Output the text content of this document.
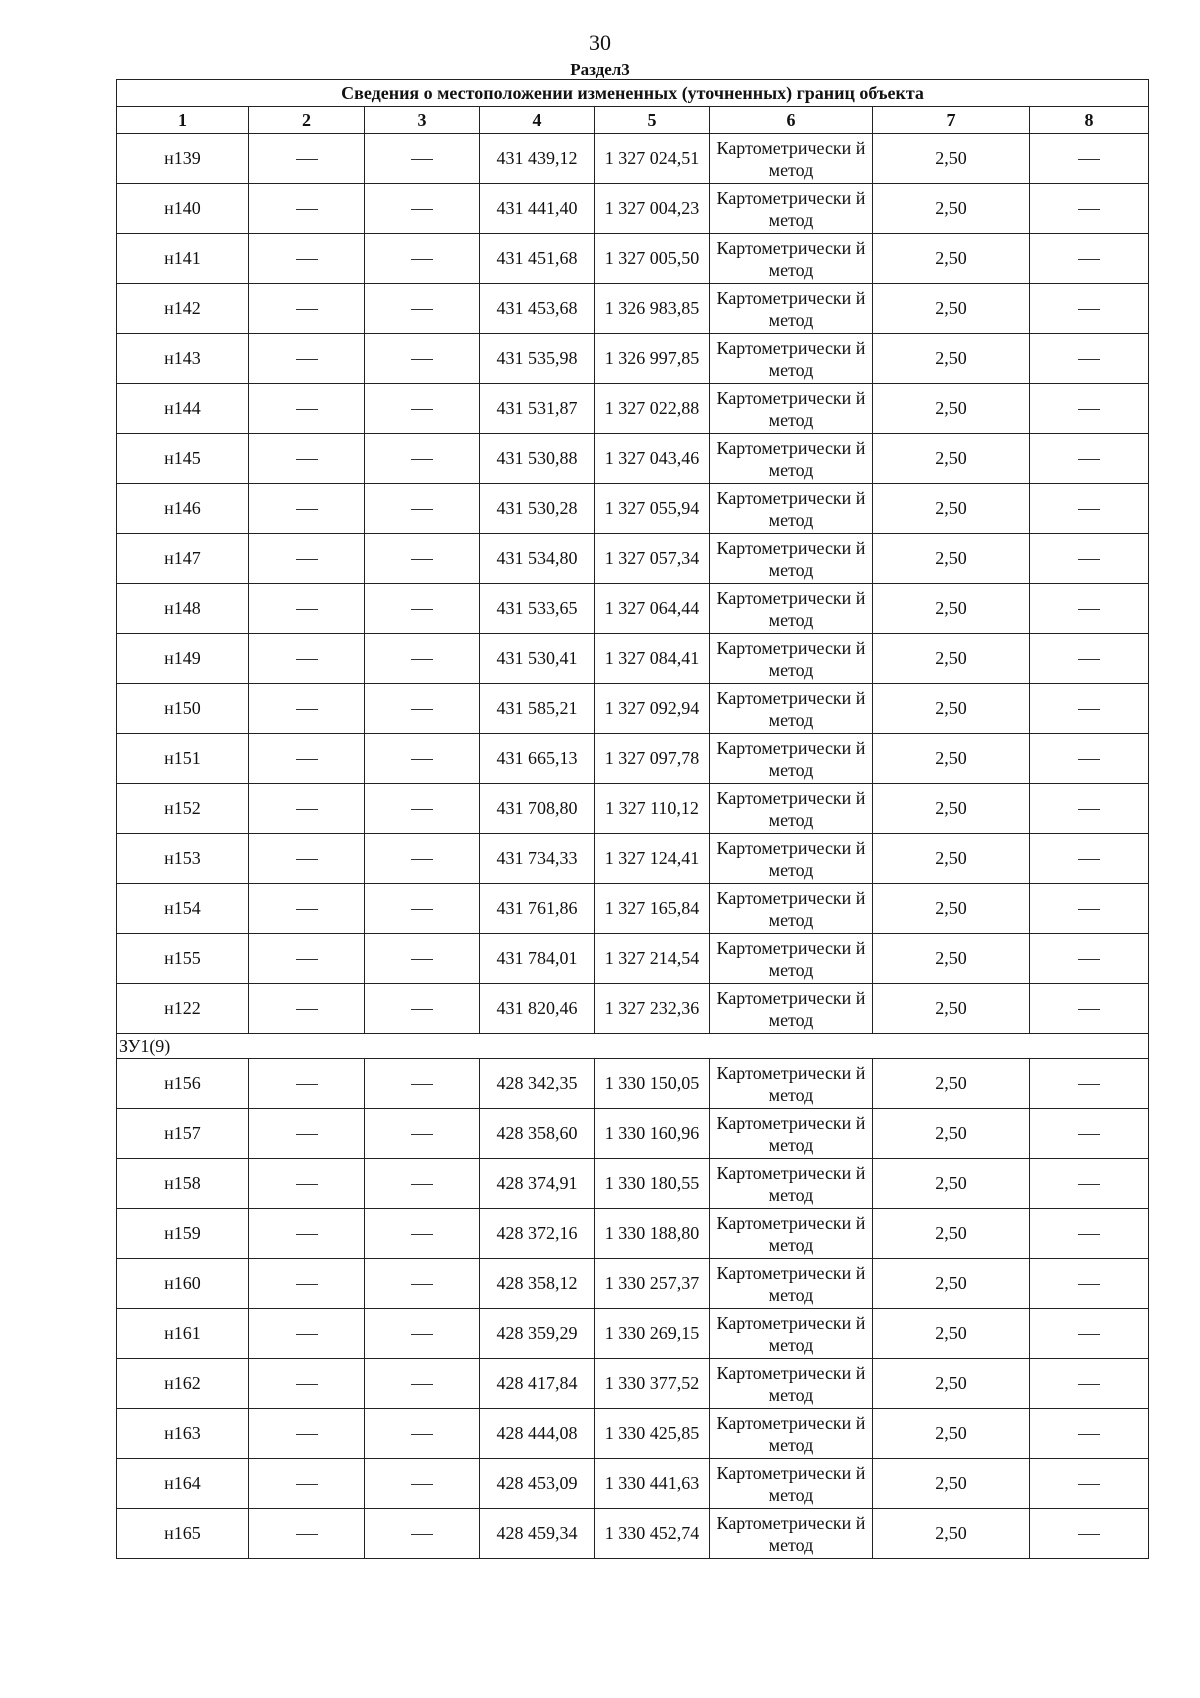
30
Раздел3
Сведения о местоположении измененных (уточненных) границ объекта							
1	2	3	4	5	6	7	8
н139			431 439,12	1 327 024,51	Картометрически й метод	2,50	
н140			431 441,40	1 327 004,23	Картометрически й метод	2,50	
н141			431 451,68	1 327 005,50	Картометрически й метод	2,50	
н142			431 453,68	1 326 983,85	Картометрически й метод	2,50	
н143			431 535,98	1 326 997,85	Картометрически й метод	2,50	
н144			431 531,87	1 327 022,88	Картометрически й метод	2,50	
н145			431 530,88	1 327 043,46	Картометрически й метод	2,50	
н146			431 530,28	1 327 055,94	Картометрически й метод	2,50	
н147			431 534,80	1 327 057,34	Картометрически й метод	2,50	
н148			431 533,65	1 327 064,44	Картометрически й метод	2,50	
н149			431 530,41	1 327 084,41	Картометрически й метод	2,50	
н150			431 585,21	1 327 092,94	Картометрически й метод	2,50	
н151			431 665,13	1 327 097,78	Картометрически й метод	2,50	
н152			431 708,80	1 327 110,12	Картометрически й метод	2,50	
н153			431 734,33	1 327 124,41	Картометрически й метод	2,50	
н154			431 761,86	1 327 165,84	Картометрически й метод	2,50	
н155			431 784,01	1 327 214,54	Картометрически й метод	2,50	
н122			431 820,46	1 327 232,36	Картометрически й метод	2,50	
ЗУ1(9)							
н156			428 342,35	1 330 150,05	Картометрически й метод	2,50	
н157			428 358,60	1 330 160,96	Картометрически й метод	2,50	
н158			428 374,91	1 330 180,55	Картометрически й метод	2,50	
н159			428 372,16	1 330 188,80	Картометрически й метод	2,50	
н160			428 358,12	1 330 257,37	Картометрически й метод	2,50	
н161			428 359,29	1 330 269,15	Картометрически й метод	2,50	
н162			428 417,84	1 330 377,52	Картометрически й метод	2,50	
н163			428 444,08	1 330 425,85	Картометрически й метод	2,50	
н164			428 453,09	1 330 441,63	Картометрически й метод	2,50	
н165			428 459,34	1 330 452,74	Картометрически й метод	2,50	
